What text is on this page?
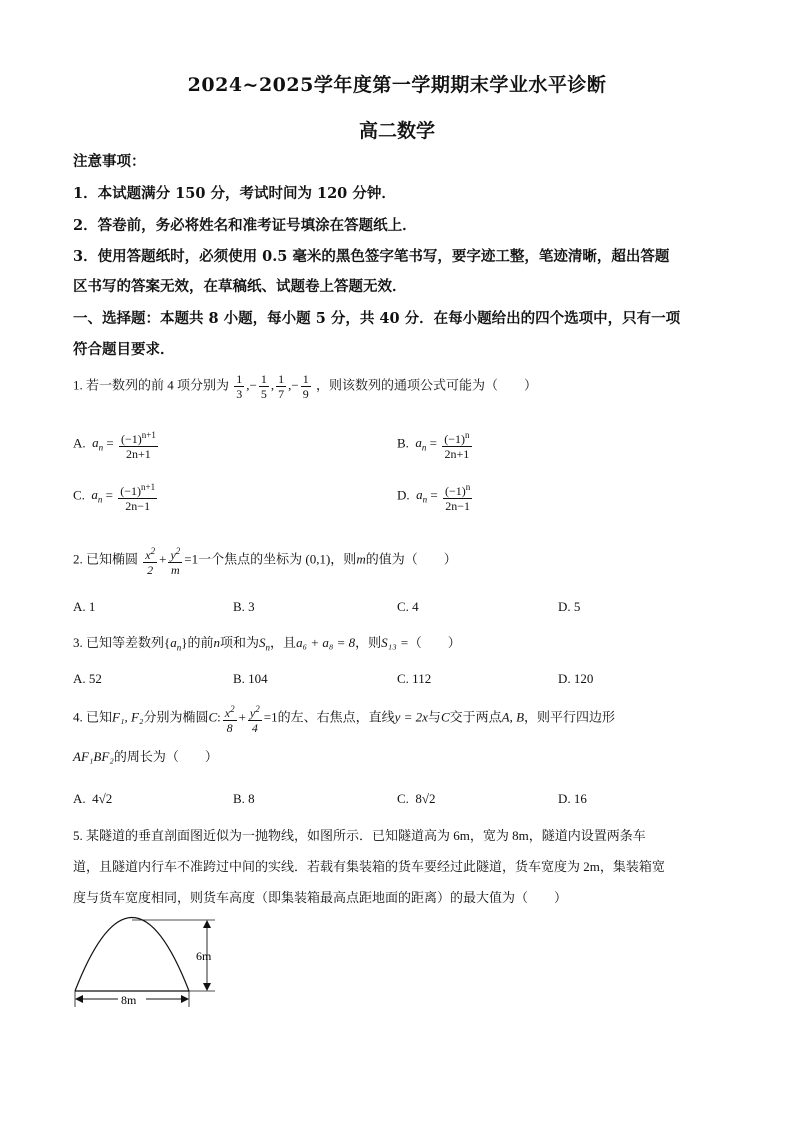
2024~2025学年度第一学期期末学业水平诊断
高二数学
注意事项：
1．本试题满分 150 分，考试时间为 120 分钟．
2．答卷前，务必将姓名和准考证号填涂在答题纸上．
3．使用答题纸时，必须使用 0.5 毫米的黑色签字笔书写，要字迹工整，笔迹清晰，超出答题
区书写的答案无效，在草稿纸、试题卷上答题无效．
一、选择题：本题共 8 小题，每小题 5 分，共 40 分．在每小题给出的四个选项中，只有一项
符合题目要求．
1. 若一数列的前 4 项分别为 $\frac{1}{3}$ ,− $\frac{1}{5}$ , $\frac{1}{7}$ ,− $\frac{1}{9}$ ，则该数列的通项公式可能为（　　）
A. $a_n = \frac{(-1)^{n+1}}{2n+1}$	B. $a_n = \frac{(-1)^n}{2n+1}$
C. $a_n = \frac{(-1)^{n+1}}{2n-1}$	D. $a_n = \frac{(-1)^n}{2n-1}$
2. 已知椭圆 $\frac{x^2}{2} + \frac{y^2}{m} =1$一个焦点的坐标为 (0,1)，则m的值为（　　）
A. 1	B. 3	C. 4	D. 5
3. 已知等差数列$\{a_n\}$的前n项和为$S_n$，且a₆ + a₈ = 8，则S₁₃ =（　　）
A. 52	B. 104	C. 112	D. 120
4. 已知F₁, F₂分别为椭圆C: $\frac{x^2}{8} + \frac{y^2}{4} =1$的左、右焦点，直线y = 2x与C交于两点A, B，则平行四边形
AF₁BF₂的周长为（　　）
A.  4√2	B. 8	C.  8√2	D. 16
5. 某隧道的垂直剖面图近似为一抛物线，如图所示．已知隧道高为 6m，宽为 8m，隧道内设置两条车
道，且隧道内行车不准跨过中间的实线．若载有集装箱的货车要经过此隧道，货车宽度为 2m，集装箱宽
度与货车宽度相同，则货车高度（即集装箱最高点距地面的距离）的最大值为（　　）
6m
8m
